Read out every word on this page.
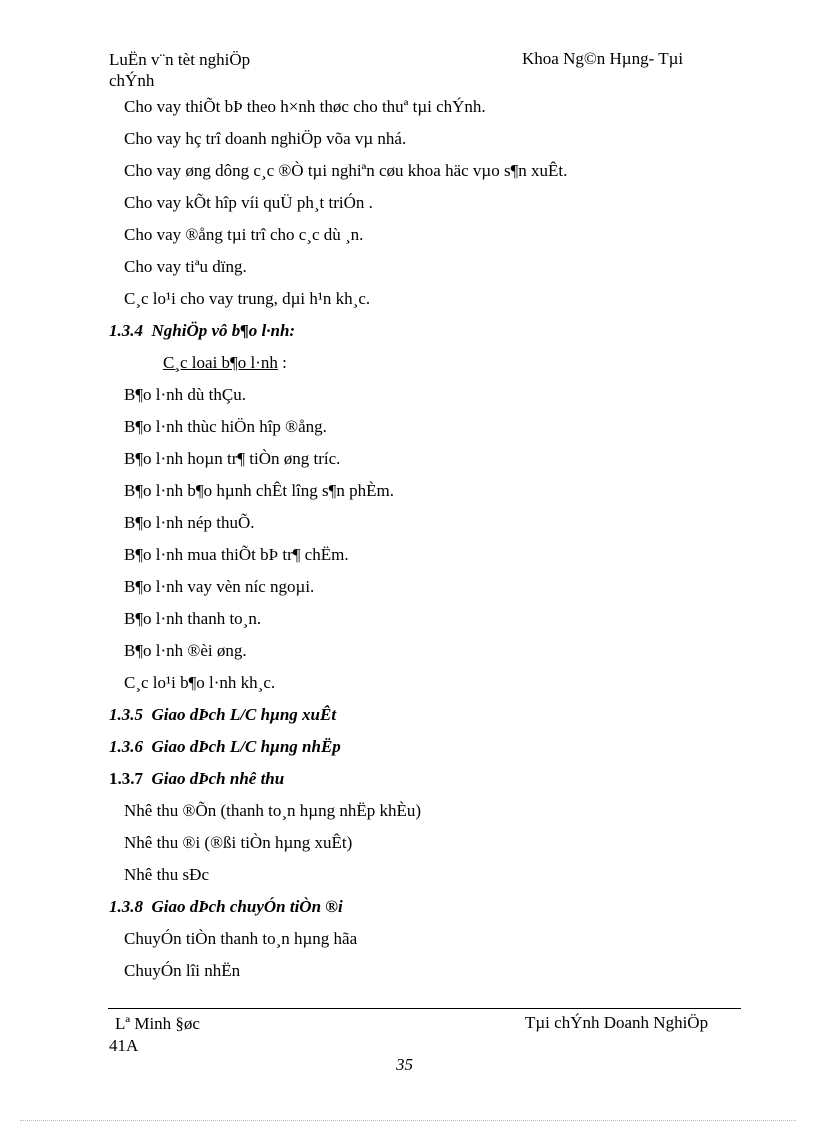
LuËn v¨n tèt nghiÖp
chÝnh
Khoa Ng©n Hµng- Tµi
Cho vay thiÕt bÞ theo h×nh thøc cho thuª tµi chÝnh.
Cho vay hç trî doanh nghiÖp võa vµ nhá.
Cho vay øng dông c¸c ®Ò tµi nghiªn cøu khoa häc vµo s¶n xuÊt.
Cho vay kÕt hîp víi quÜ ph¸t triÓn .
Cho vay ®ång tµi trî cho c¸c dù ¸n.
Cho vay tiªu dïng.
C¸c lo¹i cho vay trung, dµi h¹n kh¸c.
1.3.4 NghiÖp vô b¶o l·nh:
C¸c loai b¶o l·nh :
B¶o l·nh dù thÇu.
B¶o l·nh thùc hiÖn hîp ®ång.
B¶o l·nh hoµn tr¶ tiÒn øng tríc.
B¶o l·nh b¶o hµnh chÊt lîng s¶n phÈm.
B¶o l·nh nép thuÕ.
B¶o l·nh mua thiÕt bÞ tr¶ chËm.
B¶o l·nh vay vèn níc ngoµi.
B¶o l·nh thanh to¸n.
B¶o l·nh ®èi øng.
C¸c lo¹i b¶o l·nh kh¸c.
1.3.5 Giao dÞch L/C hµng xuÊt
1.3.6 Giao dÞch L/C hµng nhËp
1.3.7 Giao dÞch nhê thu
Nhê thu ®Õn (thanh to¸n hµng nhËp khÈu)
Nhê thu ®i (®ßi tiÒn hµng xuÊt)
Nhê thu sÐc
1.3.8 Giao dÞch chuyÓn tiÒn ®i
ChuyÓn tiÒn thanh to¸n hµng hãa
ChuyÓn lîi nhËn
Lª Minh §øc
41A
Tµi chÝnh Doanh NghiÖp
35
